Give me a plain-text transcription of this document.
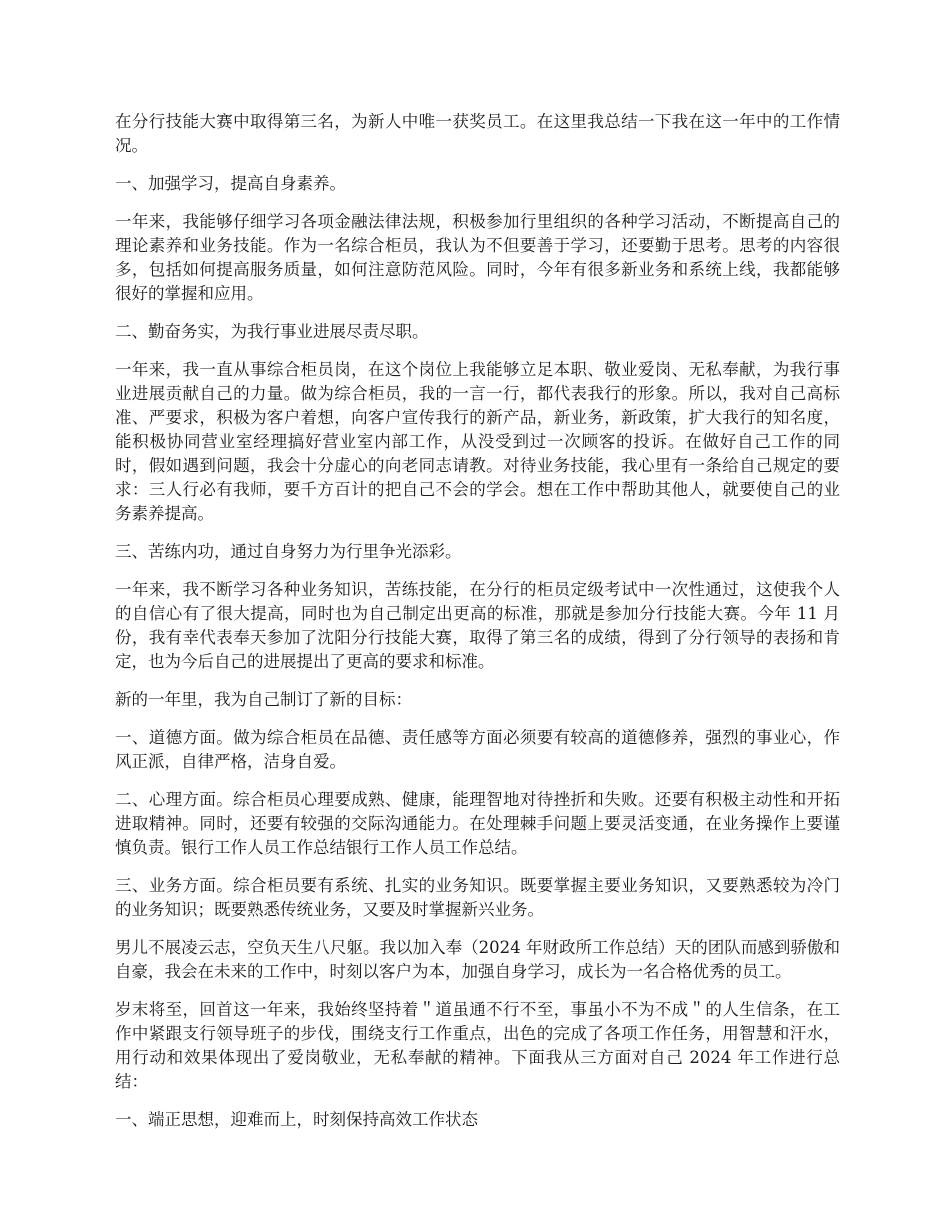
在分行技能大赛中取得第三名，为新人中唯一获奖员工。在这里我总结一下我在这一年中的工作情况。

一、加强学习，提高自身素养。

一年来，我能够仔细学习各项金融法律法规，积极参加行里组织的各种学习活动，不断提高自己的理论素养和业务技能。作为一名综合柜员，我认为不但要善于学习，还要勤于思考。思考的内容很多，包括如何提高服务质量，如何注意防范风险。同时，今年有很多新业务和系统上线，我都能够很好的掌握和应用。

二、勤奋务实，为我行事业进展尽责尽职。

一年来，我一直从事综合柜员岗，在这个岗位上我能够立足本职、敬业爱岗、无私奉献，为我行事业进展贡献自己的力量。做为综合柜员，我的一言一行，都代表我行的形象。所以，我对自己高标准、严要求，积极为客户着想，向客户宣传我行的新产品，新业务，新政策，扩大我行的知名度，能积极协同营业室经理搞好营业室内部工作，从没受到过一次顾客的投诉。在做好自己工作的同时，假如遇到问题，我会十分虚心的向老同志请教。对待业务技能，我心里有一条给自己规定的要求：三人行必有我师，要千方百计的把自己不会的学会。想在工作中帮助其他人，就要使自己的业务素养提高。

三、苦练内功，通过自身努力为行里争光添彩。

一年来，我不断学习各种业务知识，苦练技能，在分行的柜员定级考试中一次性通过，这使我个人的自信心有了很大提高，同时也为自己制定出更高的标准，那就是参加分行技能大赛。今年 11 月份，我有幸代表奉天参加了沈阳分行技能大赛，取得了第三名的成绩，得到了分行领导的表扬和肯定，也为今后自己的进展提出了更高的要求和标准。

新的一年里，我为自己制订了新的目标：

一、道德方面。做为综合柜员在品德、责任感等方面必须要有较高的道德修养，强烈的事业心，作风正派，自律严格，洁身自爱。

二、心理方面。综合柜员心理要成熟、健康，能理智地对待挫折和失败。还要有积极主动性和开拓进取精神。同时，还要有较强的交际沟通能力。在处理棘手问题上要灵活变通，在业务操作上要谨慎负责。银行工作人员工作总结银行工作人员工作总结。

三、业务方面。综合柜员要有系统、扎实的业务知识。既要掌握主要业务知识，又要熟悉较为冷门的业务知识；既要熟悉传统业务，又要及时掌握新兴业务。

男儿不展凌云志，空负天生八尺躯。我以加入奉（2024 年财政所工作总结）天的团队而感到骄傲和自豪，我会在未来的工作中，时刻以客户为本，加强自身学习，成长为一名合格优秀的员工。

岁末将至，回首这一年来，我始终坚持着＂道虽通不行不至，事虽小不为不成＂的人生信条，在工作中紧跟支行领导班子的步伐，围绕支行工作重点，出色的完成了各项工作任务，用智慧和汗水，用行动和效果体现出了爱岗敬业，无私奉献的精神。下面我从三方面对自己 2024 年工作进行总结：

一、端正思想，迎难而上，时刻保持高效工作状态
